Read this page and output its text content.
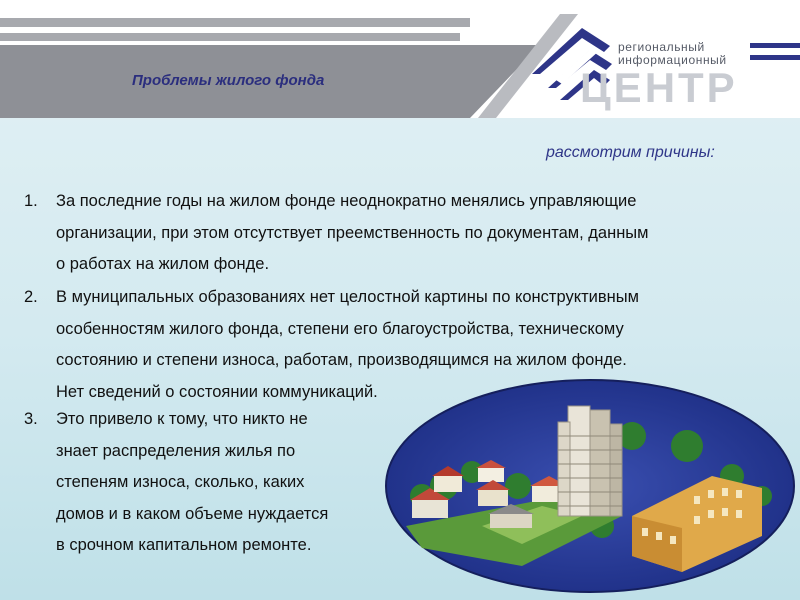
Проблемы жилого фонда
региональный
информационный
ЦЕНТР
рассмотрим причины:
1. За последние годы на жилом фонде неоднократно менялись управляющие
организации, при этом отсутствует преемственность по документам, данным
о работах на жилом фонде.
2. В муниципальных образованиях нет целостной картины по конструктивным
особенностям жилого фонда, степени его благоустройства, техническому
состоянию и степени износа, работам, производящимся на жилом фонде.
Нет сведений о состоянии коммуникаций.
3. Это привело к тому, что никто не
знает распределения жилья по
степеням износа, сколько, каких
домов и в каком объеме нуждается
в срочном капитальном ремонте.
